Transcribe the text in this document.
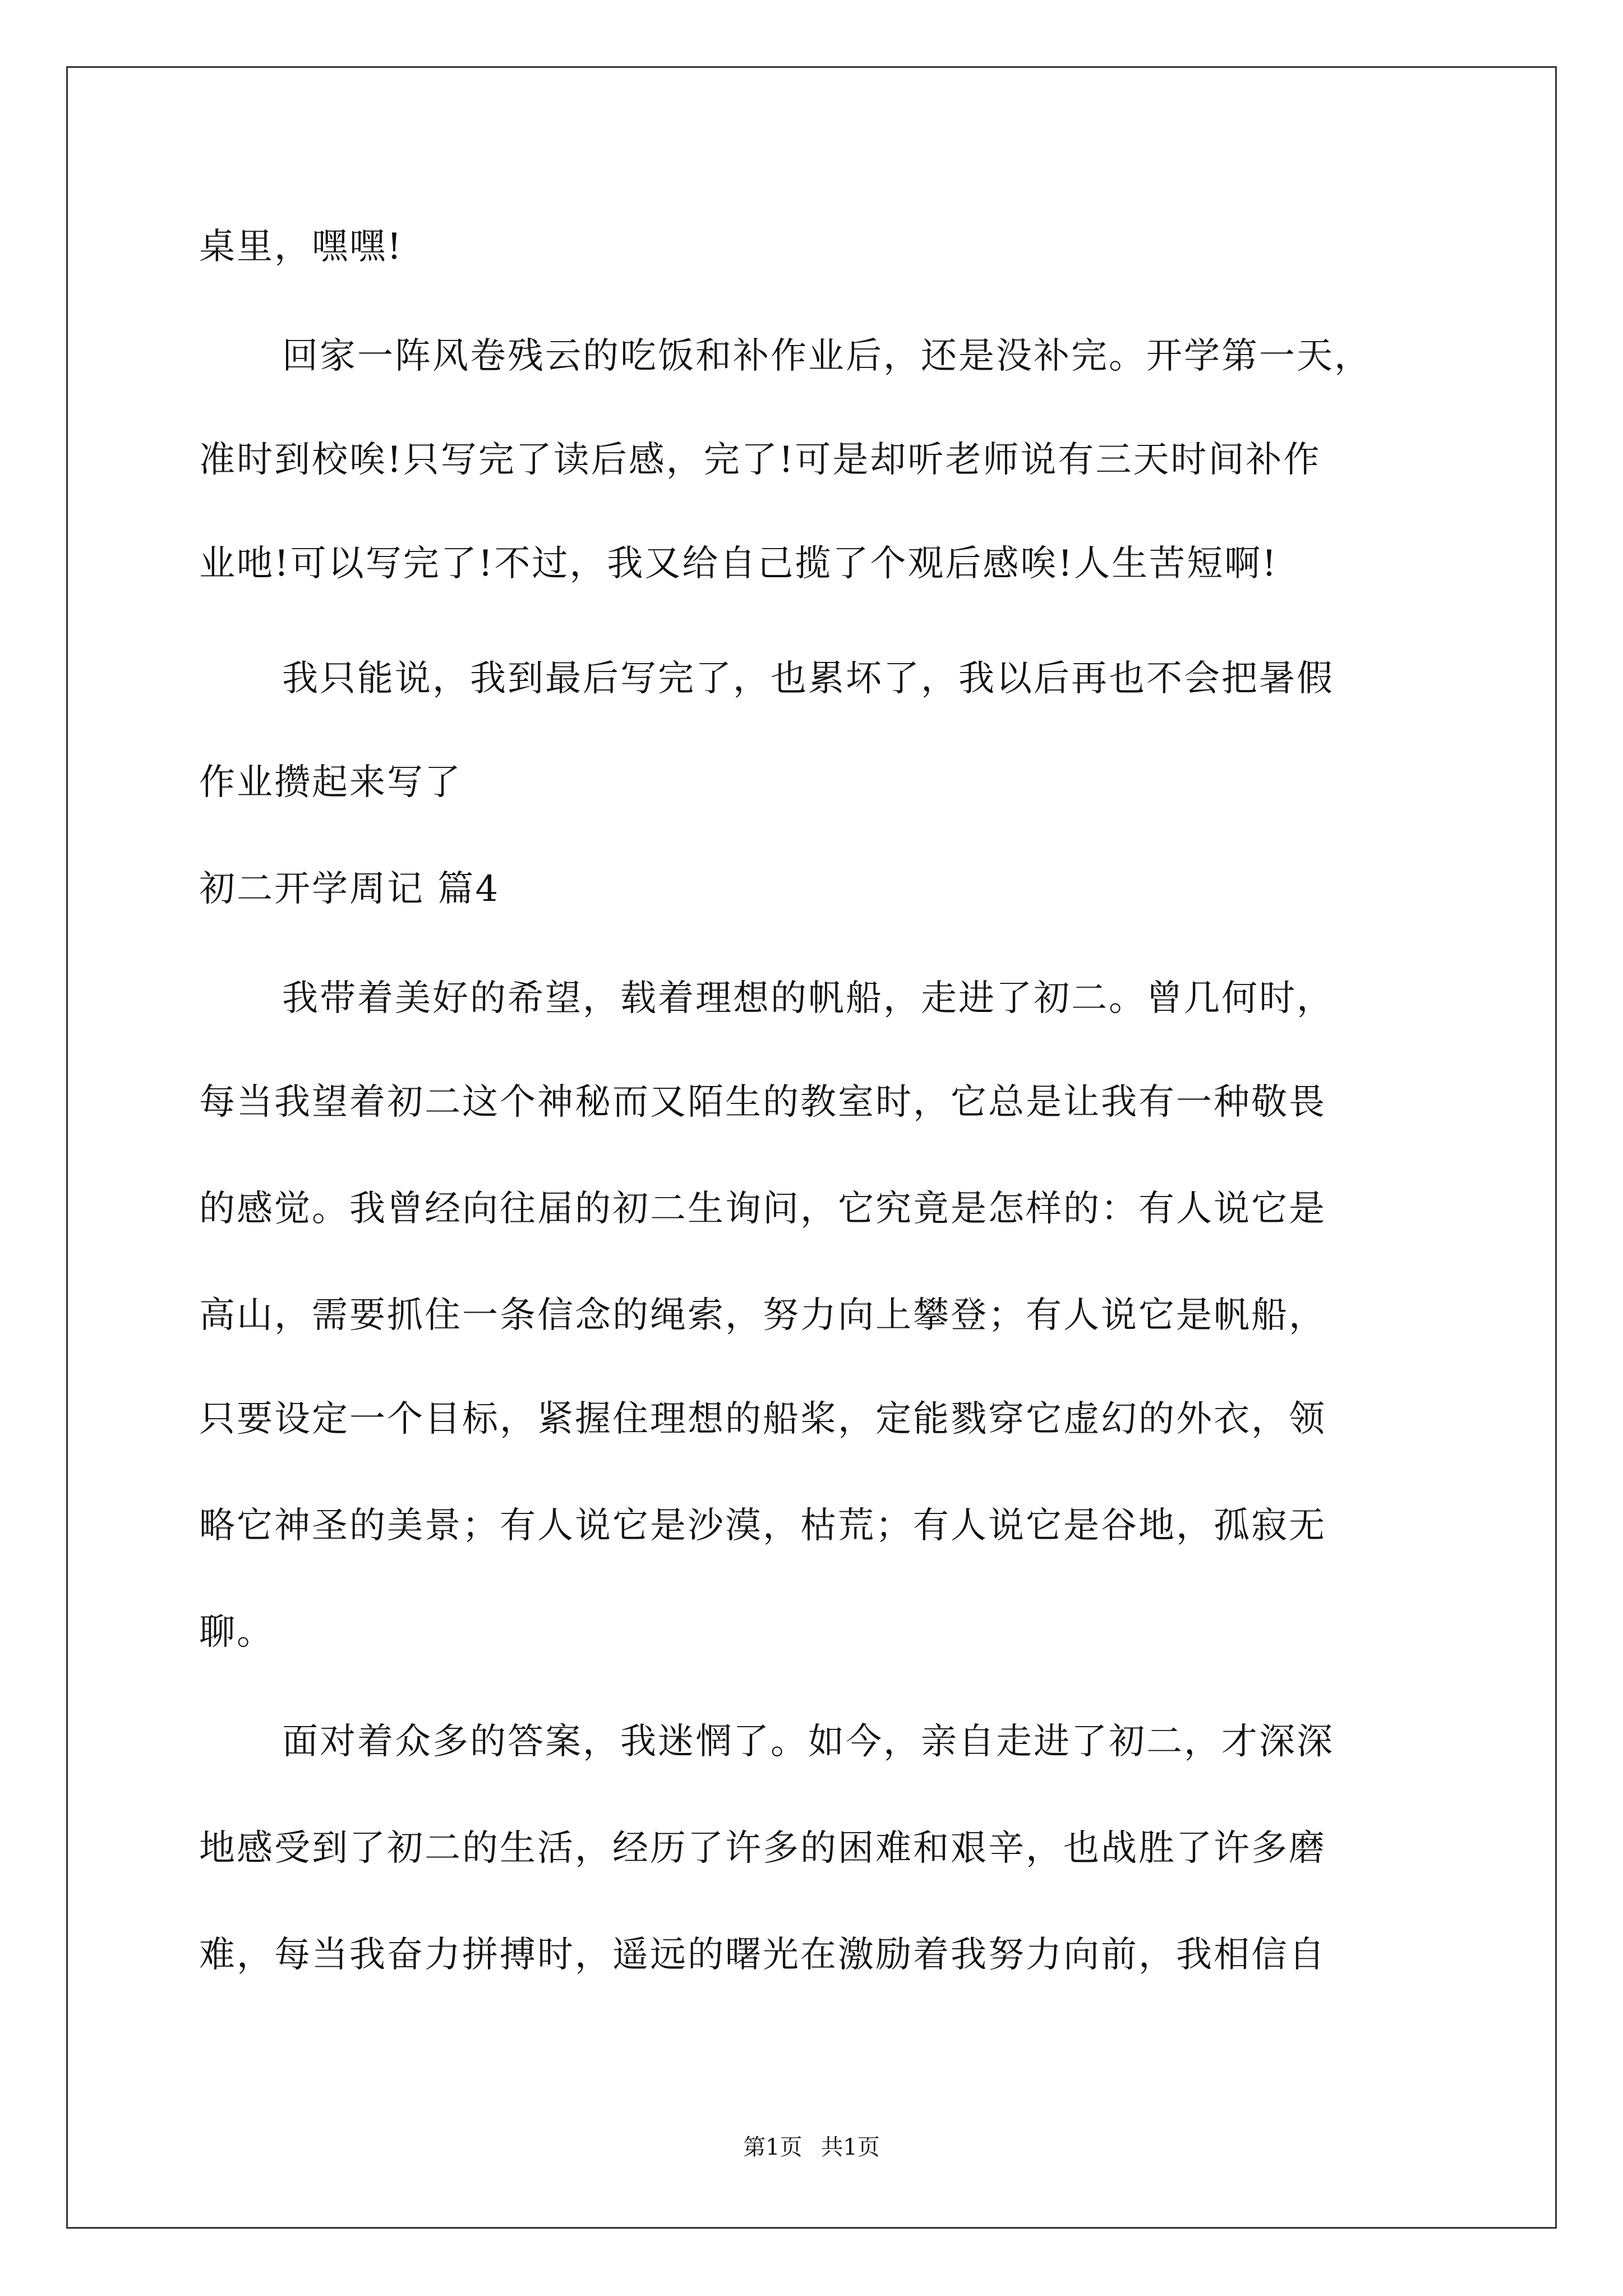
桌里，嘿嘿!
回家一阵风卷残云的吃饭和补作业后，还是没补完。开学第一天，
准时到校唉!只写完了读后感，完了!可是却听老师说有三天时间补作
业吔!可以写完了!不过，我又给自己揽了个观后感唉!人生苦短啊!
我只能说，我到最后写完了，也累坏了，我以后再也不会把暑假
作业攒起来写了
初二开学周记 篇4
我带着美好的希望，载着理想的帆船，走进了初二。曾几何时，
每当我望着初二这个神秘而又陌生的教室时，它总是让我有一种敬畏
的感觉。我曾经向往届的初二生询问，它究竟是怎样的：有人说它是
高山，需要抓住一条信念的绳索，努力向上攀登；有人说它是帆船，
只要设定一个目标，紧握住理想的船桨，定能戮穿它虚幻的外衣，领
略它神圣的美景；有人说它是沙漠，枯荒；有人说它是谷地，孤寂无
聊。
面对着众多的答案，我迷惘了。如今，亲自走进了初二，才深深
地感受到了初二的生活，经历了许多的困难和艰辛，也战胜了许多磨
难，每当我奋力拼搏时，遥远的曙光在激励着我努力向前，我相信自
第1页 共1页
